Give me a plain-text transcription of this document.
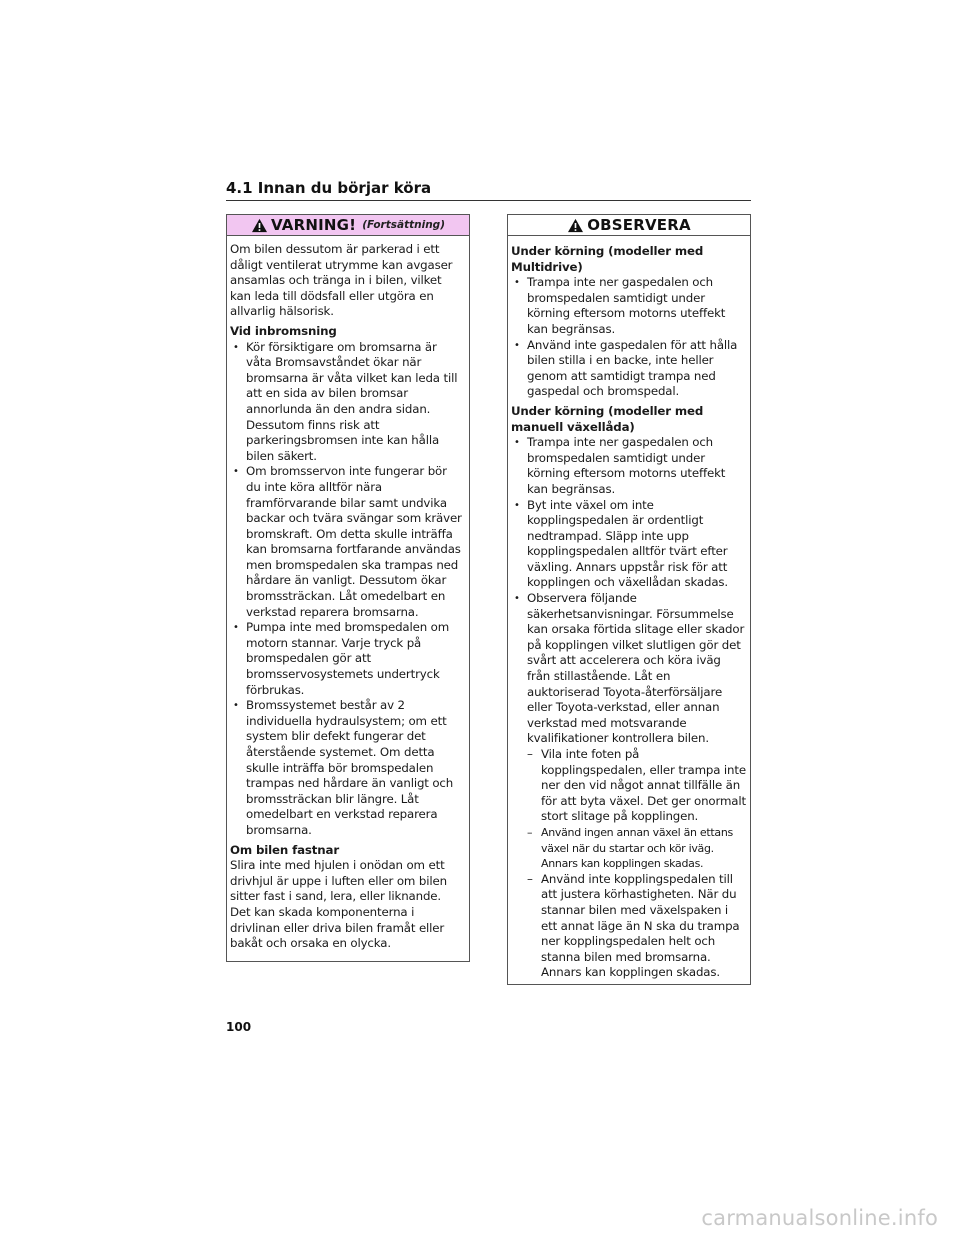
4.1 Innan du börjar köra
VARNING! (Fortsättning)

Om bilen dessutom är parkerad i ett dåligt ventilerat utrymme kan avgaser ansamlas och tränga in i bilen, vilket kan leda till dödsfall eller utgöra en allvarlig hälsorisk.

Vid inbromsning

• Kör försiktigare om bromsarna är våta Bromsavståndet ökar när bromsarna är våta vilket kan leda till att en sida av bilen bromsar annorlunda än den andra sidan. Dessutom finns risk att parkeringsbromsen inte kan hålla bilen säkert.
• Om bromsservon inte fungerar bör du inte köra alltför nära framförvarande bilar samt undvika backar och tvära svängar som kräver bromskraft. Om detta skulle inträffa kan bromsarna fortfarande användas men bromspedalen ska trampas ned hårdare än vanligt. Dessutom ökar bromssträckan. Låt omedelbart en verkstad reparera bromsarna.
• Pumpa inte med bromspedalen om motorn stannar. Varje tryck på bromspedalen gör att bromsservosystemets undertryck förbrukas.
• Bromssystemet består av 2 individuella hydraulsystem; om ett system blir defekt fungerar det återstående systemet. Om detta skulle inträffa bör bromspedalen trampas ned hårdare än vanligt och bromssträckan blir längre. Låt omedelbart en verkstad reparera bromsarna.

Om bilen fastnar

Slira inte med hjulen i onödan om ett drivhjul är uppe i luften eller om bilen sitter fast i sand, lera, eller liknande. Det kan skada komponenterna i drivlinan eller driva bilen framåt eller bakåt och orsaka en olycka.

OBSERVERA

Under körning (modeller med Multidrive)

• Trampa inte ner gaspedalen och bromspedalen samtidigt under körning eftersom motorns uteffekt kan begränsas.
• Använd inte gaspedalen för att hålla bilen stilla i en backe, inte heller genom att samtidigt trampa ned gaspedal och bromspedal.

Under körning (modeller med manuell växellåda)

• Trampa inte ner gaspedalen och bromspedalen samtidigt under körning eftersom motorns uteffekt kan begränsas.
• Byt inte växel om inte kopplingspedalen är ordentligt nedtrampad. Släpp inte upp kopplingspedalen alltför tvärt efter växling. Annars uppstår risk för att kopplingen och växellådan skadas.
• Observera följande säkerhetsanvisningar. Försummelse kan orsaka förtida slitage eller skador på kopplingen vilket slutligen gör det svårt att accelerera och köra iväg från stillastående. Låt en auktoriserad Toyota-återförsäljare eller Toyota-verkstad, eller annan verkstad med motsvarande kvalifikationer kontrollera bilen.
– Vila inte foten på kopplingspedalen, eller trampa inte ner den vid något annat tillfälle än för att byta växel. Det ger onormalt stort slitage på kopplingen.
– Använd ingen annan växel än ettans växel när du startar och kör iväg. Annars kan kopplingen skadas.
– Använd inte kopplingspedalen till att justera körhastigheten. När du stannar bilen med växelspaken i ett annat läge än N ska du trampa ner kopplingspedalen helt och stanna bilen med bromsarna. Annars kan kopplingen skadas.
100
carmanualsonline.info
